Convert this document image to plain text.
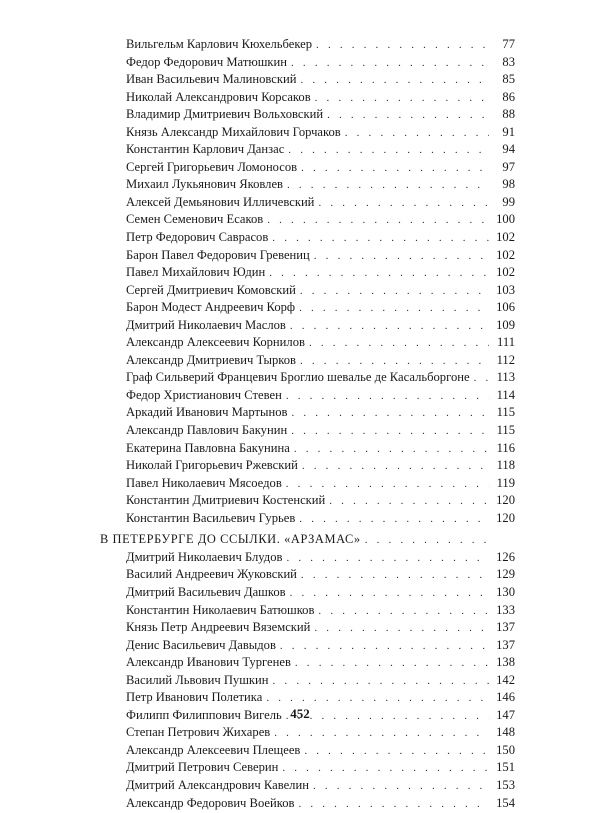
Вильгельм Карлович Кюхельбекер . . .	77
Федор Федорович Матюшкин . . .	83
Иван Васильевич Малиновский . . .	85
Николай Александрович Корсаков . . .	86
Владимир Дмитриевич Вольховский . . .	88
Князь Александр Михайлович Горчаков . . .	91
Константин Карлович Данзас . . .	94
Сергей Григорьевич Ломоносов . . .	97
Михаил Лукьянович Яковлев . . .	98
Алексей Демьянович Илличевский . . .	99
Семен Семенович Есаков . . .	100
Петр Федорович Саврасов . . .	102
Барон Павел Федорович Гревениц . . .	102
Павел Михайлович Юдин . . .	102
Сергей Дмитриевич Комовский . . .	103
Барон Модест Андреевич Корф . . .	106
Дмитрий Николаевич Маслов . . .	109
Александр Алексеевич Корнилов . . .	111
Александр Дмитриевич Тырков . . .	112
Граф Сильверий Францевич Броглио шевалье де Касальборгоне . . .	113
Федор Христианович Стевен . . .	114
Аркадий Иванович Мартынов . . .	115
Александр Павлович Бакунин . . .	115
Екатерина Павловна Бакунина . . .	116
Николай Григорьевич Ржевский . . .	118
Павел Николаевич Мясоедов . . .	119
Константин Дмитриевич Костенский . . .	120
Константин Васильевич Гурьев . . .	120
В ПЕТЕРБУРГЕ ДО ССЫЛКИ. «АРЗАМАС»
. . .
Дмитрий Николаевич Блудов . . .	126
Василий Андреевич Жуковский . . .	129
Дмитрий Васильевич Дашков . . .	130
Константин Николаевич Батюшков . . .	133
Князь Петр Андреевич Вяземский . . .	137
Денис Васильевич Давыдов . . .	137
Александр Иванович Тургенев . . .	138
Василий Львович Пушкин . . .	142
Петр Иванович Полетика . . .	146
Филипп Филиппович Вигель . . .	147
Степан Петрович Жихарев . . .	148
Александр Алексеевич Плещеев . . .	150
Дмитрий Петрович Северин . . .	151
Дмитрий Александрович Кавелин . . .	153
Александр Федорович Воейков . . .	154
452
